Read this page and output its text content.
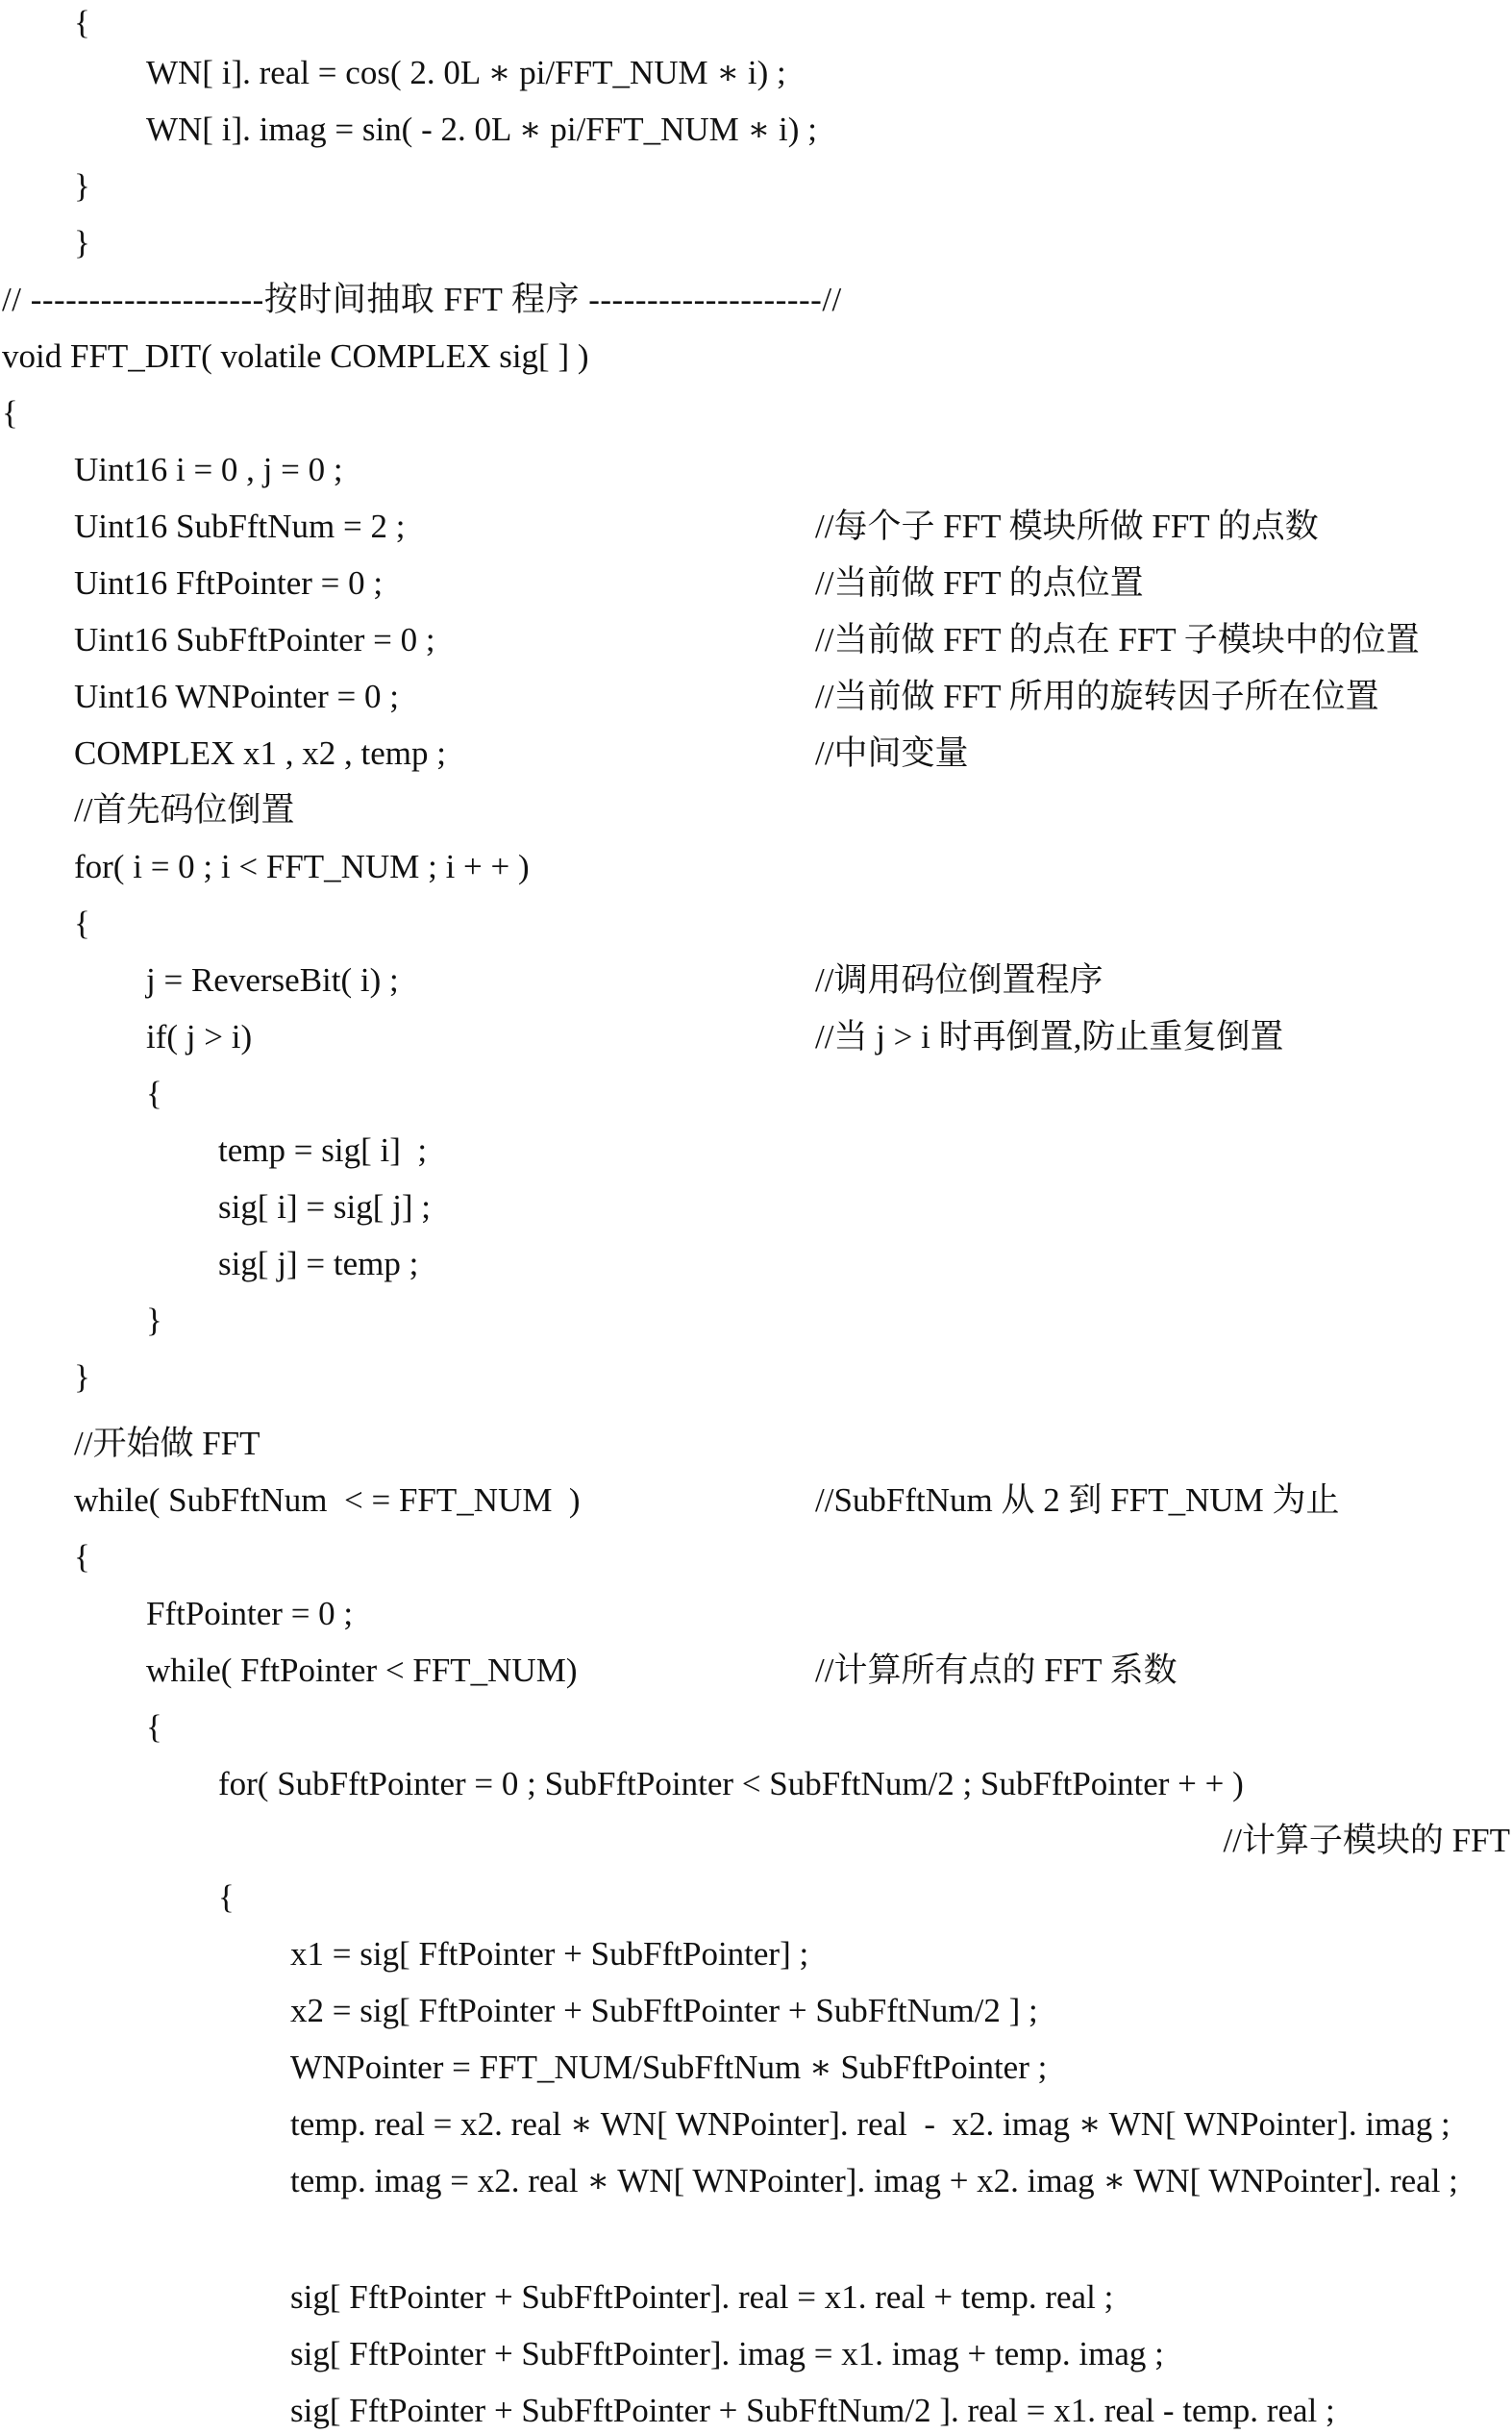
{
WN[ i]. real = cos( 2. 0L ∗ pi/FFT_NUM ∗ i) ;
WN[ i]. imag = sin( - 2. 0L ∗ pi/FFT_NUM ∗ i) ;
}
}
// --------------------按时间抽取 FFT 程序 --------------------//
void FFT_DIT( volatile COMPLEX sig[ ] )
{
Uint16 i = 0 , j = 0 ;
Uint16 SubFftNum = 2 ;	//每个子 FFT 模块所做 FFT 的点数
Uint16 FftPointer = 0 ;	//当前做 FFT 的点位置
Uint16 SubFftPointer = 0 ;	//当前做 FFT 的点在 FFT 子模块中的位置
Uint16 WNPointer = 0 ;	//当前做 FFT 所用的旋转因子所在位置
COMPLEX x1 , x2 , temp ;	//中间变量
//首先码位倒置
for( i = 0 ; i < FFT_NUM ; i + + )
{
j = ReverseBit( i) ;	//调用码位倒置程序
if( j > i)	//当 j > i 时再倒置,防止重复倒置
{
temp = sig[ i]  ;
sig[ i] = sig[ j] ;
sig[ j] = temp ;
}
}
//开始做 FFT
while( SubFftNum  < = FFT_NUM  )	//SubFftNum 从 2 到 FFT_NUM 为止
{
FftPointer = 0 ;
while( FftPointer < FFT_NUM)	//计算所有点的 FFT 系数
{
for( SubFftPointer = 0 ; SubFftPointer < SubFftNum/2 ; SubFftPointer + + )
//计算子模块的 FFT
{
x1 = sig[ FftPointer + SubFftPointer] ;
x2 = sig[ FftPointer + SubFftPointer + SubFftNum/2 ] ;
WNPointer = FFT_NUM/SubFftNum ∗ SubFftPointer ;
temp. real = x2. real ∗ WN[ WNPointer]. real  -  x2. imag ∗ WN[ WNPointer]. imag ;
temp. imag = x2. real ∗ WN[ WNPointer]. imag + x2. imag ∗ WN[ WNPointer]. real ;
sig[ FftPointer + SubFftPointer]. real = x1. real + temp. real ;
sig[ FftPointer + SubFftPointer]. imag = x1. imag + temp. imag ;
sig[ FftPointer + SubFftPointer + SubFftNum/2 ]. real = x1. real - temp. real ;
